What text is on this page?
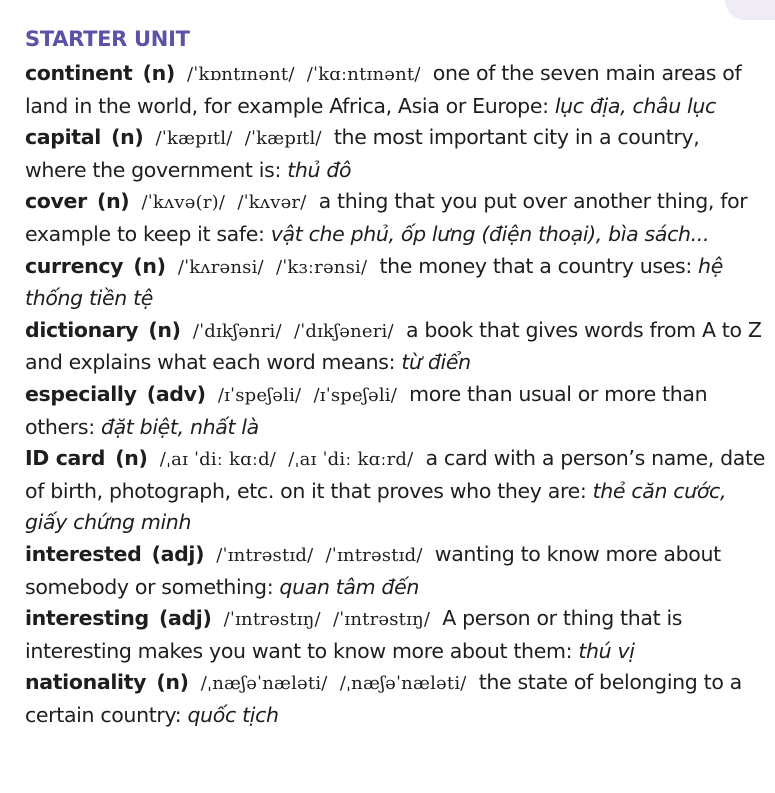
STARTER UNIT

continent (n) /ˈkɒntɪnənt/ /ˈkɑːntɪnənt/ one of the seven main areas of land in the world, for example Africa, Asia or Europe: lục địa, châu lục

capital (n) /ˈkæpɪtl/ /ˈkæpɪtl/ the most important city in a country, where the government is: thủ đô

cover (n) /ˈkʌvə(r)/ /ˈkʌvər/ a thing that you put over another thing, for example to keep it safe: vật che phủ, ốp lưng (điện thoại), bìa sách...

currency (n) /ˈkʌrənsi/ /ˈkɜːrənsi/ the money that a country uses: hệ thống tiền tệ

dictionary (n) /ˈdɪkʃənri/ /ˈdɪkʃəneri/ a book that gives words from A to Z and explains what each word means: từ điển

especially (adv) /ɪˈspeʃəli/ /ɪˈspeʃəli/ more than usual or more than others: đặt biệt, nhất là

ID card (n) /ˌaɪ ˈdiː kɑːd/ /ˌaɪ ˈdiː kɑːrd/ a card with a person’s name, date of birth, photograph, etc. on it that proves who they are: thẻ căn cước, giấy chứng minh

interested (adj) /ˈɪntrəstɪd/ /ˈɪntrəstɪd/ wanting to know more about somebody or something: quan tâm đến

interesting (adj) /ˈɪntrəstɪŋ/ /ˈɪntrəstɪŋ/ A person or thing that is interesting makes you want to know more about them: thú vị

nationality (n) /ˌnæʃəˈnæləti/ /ˌnæʃəˈnæləti/ the state of belonging to a certain country: quốc tịch
